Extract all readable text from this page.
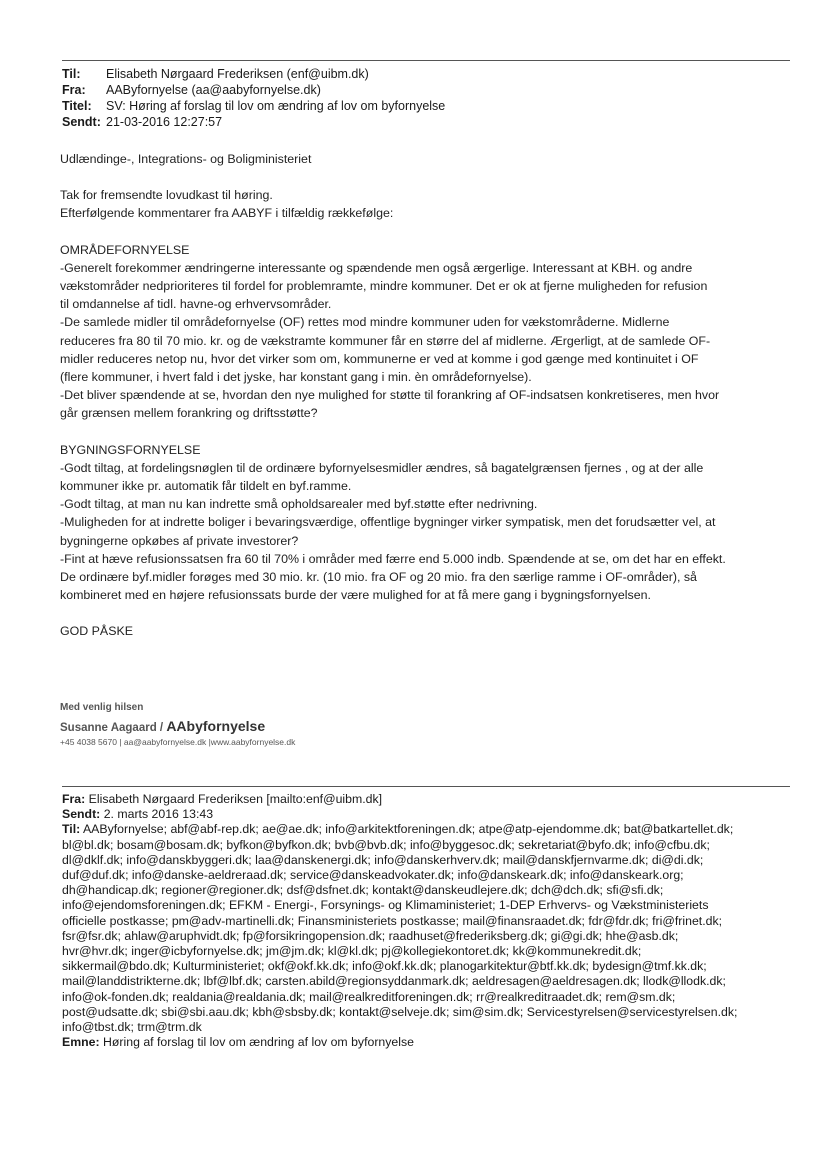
Til:	Elisabeth Nørgaard Frederiksen (enf@uibm.dk)
Fra:	AAByfornyelse (aa@aabyfornyelse.dk)
Titel:	SV: Høring af forslag til lov om ændring af lov om byfornyelse
Sendt: 21-03-2016 12:27:57

Udlændinge-, Integrations- og Boligministeriet

Tak for fremsendte lovudkast til høring.

Efterfølgende kommentarer fra AABYF i tilfældig rækkefølge:

OMRÅDEFORNYELSE

-Generelt forekommer ændringerne interessante og spændende men også ærgerlige. Interessant at KBH. og andre

vækstområder nedprioriteres til fordel for problemramte, mindre kommuner. Det er ok at fjerne muligheden for refusion

til omdannelse af tidl. havne-og erhvervsområder.

-De samlede midler til områdefornyelse (OF) rettes mod mindre kommuner uden for vækstområderne. Midlerne

reduceres fra 80 til 70 mio. kr. og de vækstramte kommuner får en større del af midlerne. Ærgerligt, at de samlede OF-

midler reduceres netop nu, hvor det virker som om, kommunerne er ved at komme i god gænge med kontinuitet i OF

(flere kommuner, i hvert fald i det jyske, har konstant gang i min. èn områdefornyelse).

-Det bliver spændende at se, hvordan den nye mulighed for støtte til forankring af OF-indsatsen konkretiseres, men hvor

går grænsen mellem forankring og driftsstøtte?

BYGNINGSFORNYELSE

-Godt tiltag, at fordelingsnøglen til de ordinære byfornyelsesmidler ændres, så bagatelgrænsen fjernes , og at der alle

kommuner ikke pr. automatik får tildelt en byf.ramme.

-Godt tiltag, at man nu kan indrette små opholdsarealer med byf.støtte efter nedrivning.

-Muligheden for at indrette boliger i bevaringsværdige, offentlige bygninger virker sympatisk, men det forudsætter vel, at

bygningerne opkøbes af private investorer?

-Fint at hæve refusionssatsen fra 60 til 70% i områder med færre end 5.000 indb. Spændende at se, om det har en effekt.

De ordinære byf.midler forøges med 30 mio. kr. (10 mio. fra OF og 20 mio. fra den særlige ramme i OF-områder), så

kombineret med en højere refusionssats burde der være mulighed for at få mere gang i bygningsfornyelsen.

GOD PÅSKE

Med venlig hilsen
Susanne Aagaard / AAbyfornyelse
+45 4038 5670 | aa@aabyfornyelse.dk |www.aabyfornyelse.dk
Fra: Elisabeth Nørgaard Frederiksen [mailto:enf@uibm.dk]
Sendt: 2. marts 2016 13:43
Til: AAByfornyelse; abf@abf-rep.dk; ae@ae.dk; info@arkitektforeningen.dk; atpe@atp-ejendomme.dk; bat@batkartellet.dk;
bl@bl.dk; bosam@bosam.dk; byfkon@byfkon.dk; bvb@bvb.dk; info@byggesoc.dk; sekretariat@byfo.dk; info@cfbu.dk;
dl@dklf.dk; info@danskbyggeri.dk; laa@danskenergi.dk; info@danskerhverv.dk; mail@danskfjernvarme.dk; di@di.dk;
duf@duf.dk; info@danske-aeldreraad.dk; service@danskeadvokater.dk; info@danskeark.dk; info@danskeark.org;
dh@handicap.dk; regioner@regioner.dk; dsf@dsfnet.dk; kontakt@danskeudlejere.dk; dch@dch.dk; sfi@sfi.dk;
info@ejendomsforeningen.dk; EFKM - Energi-, Forsynings- og Klimaministeriet; 1-DEP Erhvervs- og Vækstministeriets
officielle postkasse; pm@adv-martinelli.dk; Finansministeriets postkasse; mail@finansraadet.dk; fdr@fdr.dk; fri@frinet.dk;
fsr@fsr.dk; ahlaw@aruphvidt.dk; fp@forsikringopension.dk; raadhuset@frederiksberg.dk; gi@gi.dk; hhe@asb.dk;
hvr@hvr.dk; inger@icbyfornyelse.dk; jm@jm.dk; kl@kl.dk; pj@kollegiekontoret.dk; kk@kommunekredit.dk;
sikkermail@bdo.dk; Kulturministeriet; okf@okf.kk.dk; info@okf.kk.dk; planogarkitektur@btf.kk.dk; bydesign@tmf.kk.dk;
mail@landdistrikterne.dk; lbf@lbf.dk; carsten.abild@regionsyddanmark.dk; aeldresagen@aeldresagen.dk; llodk@llodk.dk;
info@ok-fonden.dk; realdania@realdania.dk; mail@realkreditforeningen.dk; rr@realkreditraadet.dk; rem@sm.dk;
post@udsatte.dk; sbi@sbi.aau.dk; kbh@sbsby.dk; kontakt@selveje.dk; sim@sim.dk; Servicestyrelsen@servicestyrelsen.dk;
info@tbst.dk; trm@trm.dk
Emne: Høring af forslag til lov om ændring af lov om byfornyelse
